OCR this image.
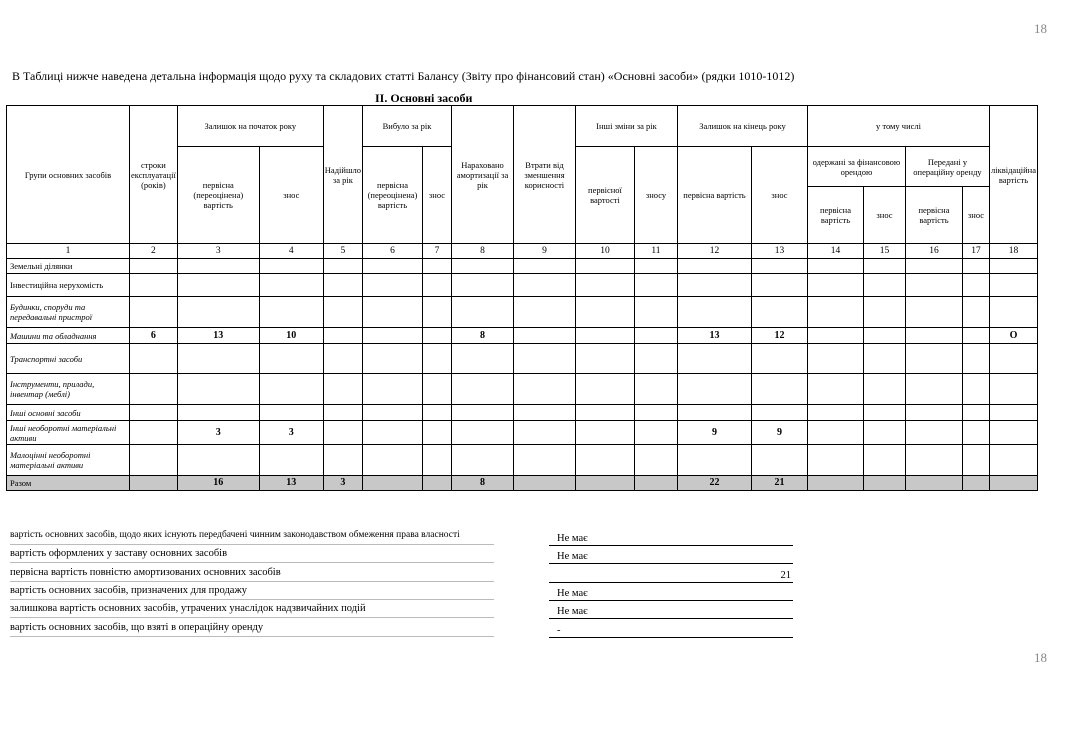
18
В Таблиці нижче наведена детальна інформація щодо руху та складових статті Балансу (Звіту про фінансовий стан) «Основні засоби» (рядки 1010-1012)
ІІ. Основні засоби
Групи основних засобів	строки експлуатації (років)	Залишок на початок року		Надійшло за рік	Вибуло за рік		Нараховано амортизації за рік	Втрати від зменшення корисності	Інші зміни за рік		Залишок на кінець року		у тому числі				ліквідаційна вартість
		первісна (переоцінена) вартість	знос		первісна (переоцінена) вартість	знос			первісної вартості	зносу	первісна вартість	знос	одержані за фінансовою орендою		Передані у операційну оренду		
													первісна вартість	знос	первісна вартість	знос	
1	2	3	4	5	6	7	8	9	10	11	12	13	14	15	16	17	18
Земельні ділянки																	
Інвестиційна нерухомість																	
Будинки, споруди та передавальні пристрої																	
Машини та обладнання	6	13	10				8				13	12					О
Транспортні засоби																	
Інструменти, прилади, інвентар (меблі)																	
Інші основні засоби																	
Інші необоротні матеріальні активи		3	3								9	9					
Малоцінні необоротні матеріальні активи																	
Разом		16	13	3			8				22	21					
вартість основних засобів, щодо яких існують передбачені чинним законодавством обмеження права власності	Не має
вартість оформлених у заставу основних засобів	Не має
первісна вартість повністю амортизованих основних засобів	21
вартість основних засобів, призначених для продажу	Не має
залишкова вартість основних засобів, утрачених унаслідок надзвичайних подій	Не має
вартість основних засобів, що взяті в операційну оренду	-
18
